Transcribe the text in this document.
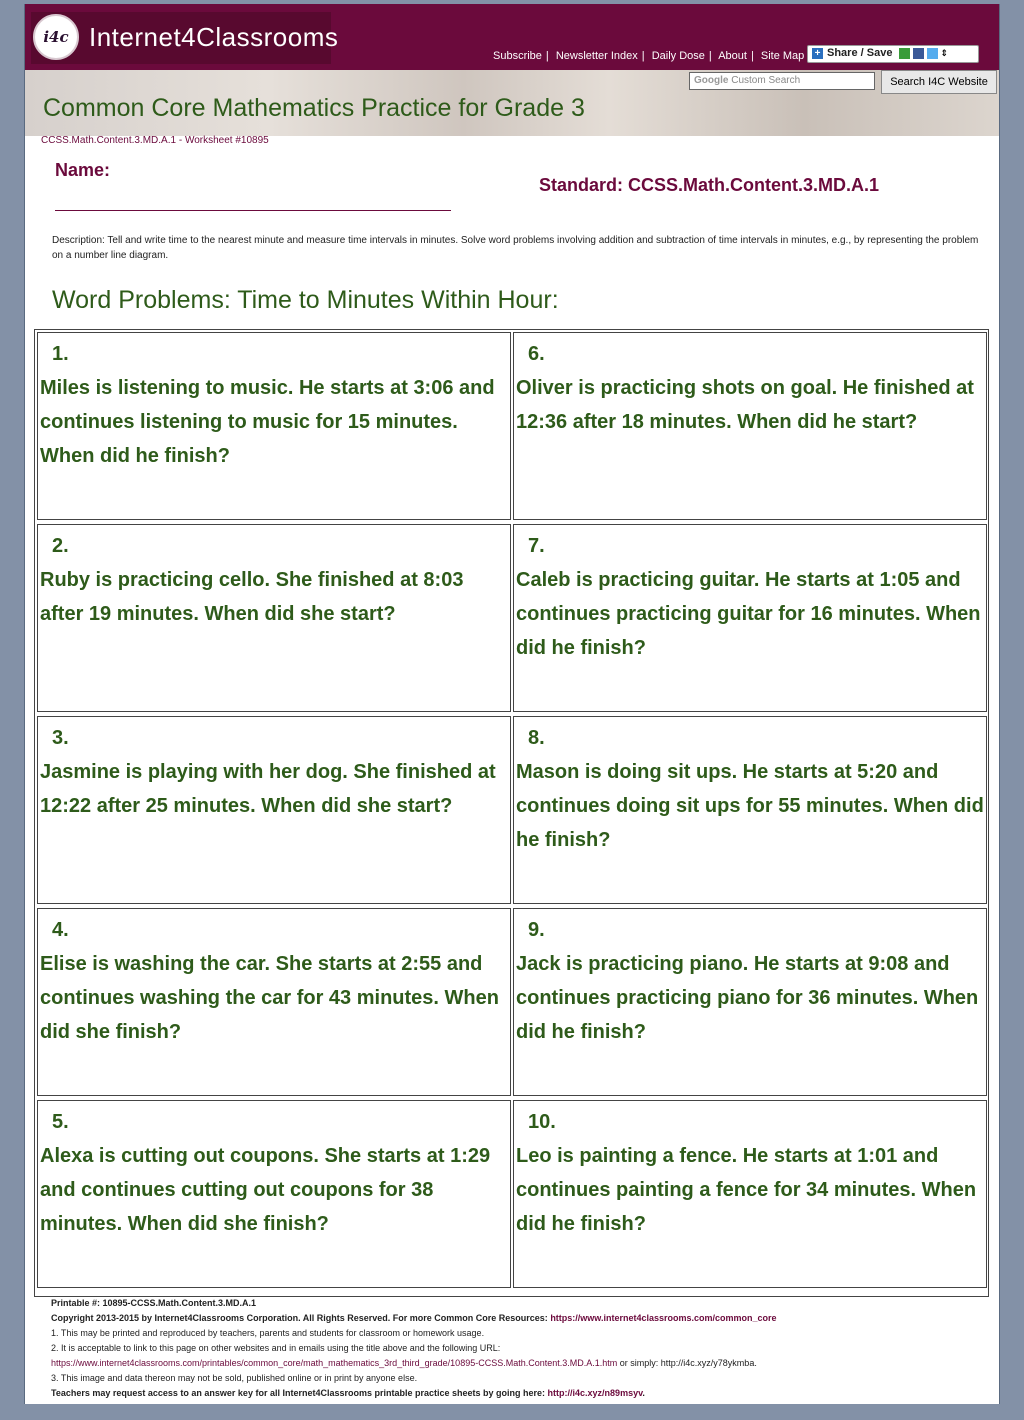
i4c Internet4Classrooms
Subscribe | Newsletter Index | Daily Dose | About | Site Map	+ Share / Save	⇕
Google Custom Search	Search I4C Website
Common Core Mathematics Practice for Grade 3
CCSS.Math.Content.3.MD.A.1 - Worksheet #10895
Name:
Standard: CCSS.Math.Content.3.MD.A.1
Description: Tell and write time to the nearest minute and measure time intervals in minutes. Solve word problems involving addition and subtraction of time intervals in minutes, e.g., by representing the problem on a number line diagram.
Word Problems: Time to Minutes Within Hour:
1.
Miles is listening to music. He starts at 3:06 and continues listening to music for 15 minutes. When did he finish?
2.
Ruby is practicing cello. She finished at 8:03 after 19 minutes. When did she start?
3.
Jasmine is playing with her dog. She finished at 12:22 after 25 minutes. When did she start?
4.
Elise is washing the car. She starts at 2:55 and continues washing the car for 43 minutes. When did she finish?
5.
Alexa is cutting out coupons. She starts at 1:29 and continues cutting out coupons for 38 minutes. When did she finish?
6.
Oliver is practicing shots on goal. He finished at 12:36 after 18 minutes. When did he start?
7.
Caleb is practicing guitar. He starts at 1:05 and continues practicing guitar for 16 minutes. When did he finish?
8.
Mason is doing sit ups. He starts at 5:20 and continues doing sit ups for 55 minutes. When did he finish?
9.
Jack is practicing piano. He starts at 9:08 and continues practicing piano for 36 minutes. When did he finish?
10.
Leo is painting a fence. He starts at 1:01 and continues painting a fence for 34 minutes. When did he finish?
Printable #: 10895-CCSS.Math.Content.3.MD.A.1
Copyright 2013-2015 by Internet4Classrooms Corporation. All Rights Reserved. For more Common Core Resources: https://www.internet4classrooms.com/common_core
1. This may be printed and reproduced by teachers, parents and students for classroom or homework usage.
2. It is acceptable to link to this page on other websites and in emails using the title above and the following URL:
https://www.internet4classrooms.com/printables/common_core/math_mathematics_3rd_third_grade/10895-CCSS.Math.Content.3.MD.A.1.htm or simply: http://i4c.xyz/y78ykmba.
3. This image and data thereon may not be sold, published online or in print by anyone else.
Teachers may request access to an answer key for all Internet4Classrooms printable practice sheets by going here: http://i4c.xyz/n89msyv.
